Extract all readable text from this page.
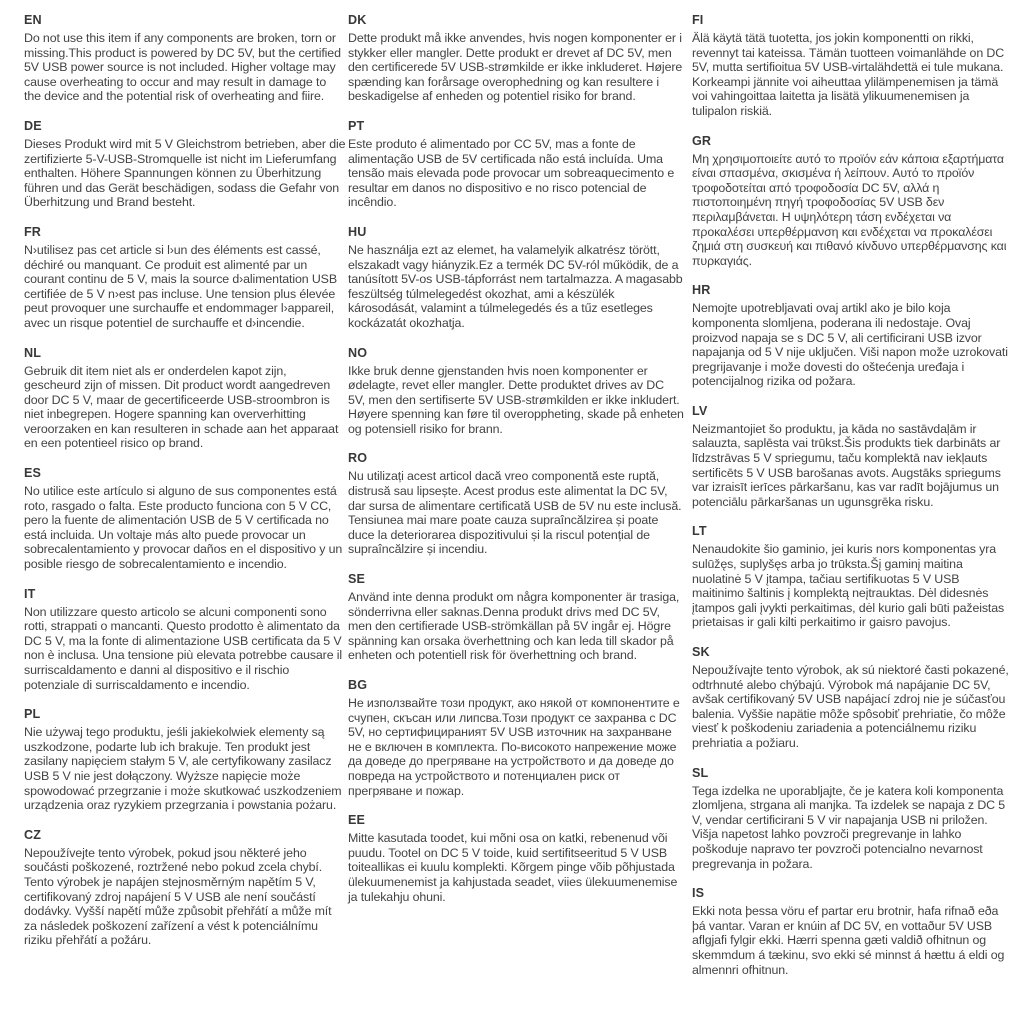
EN

Do not use this item if any components are broken, torn or missing.This product is powered by DC 5V, but the certified 5V USB power source is not included. Higher voltage may cause overheating to occur and may result in damage to the device and the potential risk of overheating and fiire.

DE

Dieses Produkt wird mit 5 V Gleichstrom betrieben, aber die zertifizierte 5-V-USB-Stromquelle ist nicht im Lieferumfang enthalten. Höhere Spannungen können zu Überhitzung führen und das Gerät beschädigen, sodass die Gefahr von Überhitzung und Brand besteht.

FR

N›utilisez pas cet article si l›un des éléments est cassé, déchiré ou manquant. Ce produit est alimenté par un courant continu de 5 V, mais la source d›alimentation USB certifiée de 5 V n›est pas incluse. Une tension plus élevée peut provoquer une surchauffe et endommager l›appareil, avec un risque potentiel de surchauffe et d›incendie.

NL

Gebruik dit item niet als er onderdelen kapot zijn, gescheurd zijn of missen. Dit product wordt aangedreven door DC 5 V, maar de gecertificeerde USB-stroombron is niet inbegrepen. Hogere spanning kan oververhitting veroorzaken en kan resulteren in schade aan het apparaat en een potentieel risico op brand.

ES

No utilice este artículo si alguno de sus componentes está roto, rasgado o falta. Este producto funciona con 5 V CC, pero la fuente de alimentación USB de 5 V certificada no está incluida. Un voltaje más alto puede provocar un sobrecalentamiento y provocar daños en el dispositivo y un posible riesgo de sobrecalentamiento e incendio.

IT

Non utilizzare questo articolo se alcuni componenti sono rotti, strappati o mancanti. Questo prodotto è alimentato da DC 5 V, ma la fonte di alimentazione USB certificata da 5 V non è inclusa. Una tensione più elevata potrebbe causare il surriscaldamento e danni al dispositivo e il rischio potenziale di surriscaldamento e incendio.

PL

Nie używaj tego produktu, jeśli jakiekolwiek elementy są uszkodzone, podarte lub ich brakuje. Ten produkt jest zasilany napięciem stałym 5 V, ale certyfikowany zasilacz USB 5 V nie jest dołączony. Wyższe napięcie może spowodować przegrzanie i może skutkować uszkodzeniem urządzenia oraz ryzykiem przegrzania i powstania pożaru.

CZ

Nepoužívejte tento výrobek, pokud jsou některé jeho součásti poškozené, roztržené nebo pokud zcela chybí. Tento výrobek je napájen stejnosměrným napětím 5 V, certifikovaný zdroj napájení 5 V USB ale není součástí dodávky. Vyšší napětí může způsobit přehřátí a může mít za následek poškození zařízení a vést k potenciálnímu riziku přehřátí a požáru.

DK

Dette produkt må ikke anvendes, hvis nogen komponenter er i stykker eller mangler. Dette produkt er drevet af DC 5V, men den certificerede 5V USB-strømkilde er ikke inkluderet. Højere spænding kan forårsage overophedning og kan resultere i beskadigelse af enheden og potentiel risiko for brand.

PT

Este produto é alimentado por CC 5V, mas a fonte de alimentação USB de 5V certificada não está incluída. Uma tensão mais elevada pode provocar um sobreaquecimento e resultar em danos no dispositivo e no risco potencial de incêndio.

HU

Ne használja ezt az elemet, ha valamelyik alkatrész törött, elszakadt vagy hiányzik.Ez a termék DC 5V-ról működik, de a tanúsított 5V-os USB-tápforrást nem tartalmazza. A magasabb feszültség túlmelegedést okozhat, ami a készülék károsodását, valamint a túlmelegedés és a tűz esetleges kockázatát okozhatja.

NO

Ikke bruk denne gjenstanden hvis noen komponenter er ødelagte, revet eller mangler. Dette produktet drives av DC 5V, men den sertifiserte 5V USB-strømkilden er ikke inkludert. Høyere spenning kan føre til overoppheting, skade på enheten og potensiell risiko for brann.

RO

Nu utilizați acest articol dacă vreo componentă este ruptă, distrusă sau lipsește. Acest produs este alimentat la DC 5V, dar sursa de alimentare certificată USB de 5V nu este inclusă. Tensiunea mai mare poate cauza supraîncălzirea și poate duce la deteriorarea dispozitivului și la riscul potențial de supraîncălzire și incendiu.

SE

Använd inte denna produkt om några komponenter är trasiga, sönderrivna eller saknas.Denna produkt drivs med DC 5V, men den certifierade USB-strömkällan på 5V ingår ej. Högre spänning kan orsaka överhettning och kan leda till skador på enheten och potentiell risk för överhettning och brand.

BG

Не използвайте този продукт, ако някой от компонентите е счупен, скъсан или липсва.Този продукт се захранва с DC 5V, но сертифицираният 5V USB източник на захранване не е включен в комплекта. По-високото напрежение може да доведе до прегряване на устройството и да доведе до повреда на устройството и потенциален риск от прегряване и пожар.

EE

Mitte kasutada toodet, kui mõni osa on katki, rebenenud või puudu. Tootel on DC 5 V toide, kuid sertifitseeritud 5 V USB toiteallikas ei kuulu komplekti. Kõrgem pinge võib põhjustada ülekuumenemist ja kahjustada seadet, viies ülekuumenemise ja tulekahju ohuni.

FI

Älä käytä tätä tuotetta, jos jokin komponentti on rikki, revennyt tai kateissa. Tämän tuotteen voimanlähde on DC 5V, mutta sertifioitua 5V USB-virtalähdettä ei tule mukana. Korkeampi jännite voi aiheuttaa ylilämpenemisen ja tämä voi vahingoittaa laitetta ja lisätä ylikuumenemisen ja tulipalon riskiä.

GR

Μη χρησιμοποιείτε αυτό το προϊόν εάν κάποια εξαρτήματα είναι σπασμένα, σκισμένα ή λείπουν. Αυτό το προϊόν τροφοδοτείται από τροφοδοσία DC 5V, αλλά η πιστοποιημένη πηγή τροφοδοσίας 5V USB δεν περιλαμβάνεται. Η υψηλότερη τάση ενδέχεται να προκαλέσει υπερθέρμανση και ενδέχεται να προκαλέσει ζημιά στη συσκευή και πιθανό κίνδυνο υπερθέρμανσης και πυρκαγιάς.

HR

Nemojte upotrebljavati ovaj artikl ako je bilo koja komponenta slomljena, poderana ili nedostaje. Ovaj proizvod napaja se s DC 5 V, ali certificirani USB izvor napajanja od 5 V nije uključen. Viši napon može uzrokovati pregrijavanje i može dovesti do oštećenja uređaja i potencijalnog rizika od požara.

LV

Neizmantojiet šo produktu, ja kāda no sastāvdaļām ir salauzta, saplēsta vai trūkst.Šis produkts tiek darbināts ar līdzstrāvas 5 V spriegumu, taču komplektā nav iekļauts sertificēts 5 V USB barošanas avots. Augstāks spriegums var izraisīt ierīces pārkaršanu, kas var radīt bojājumus un potenciālu pārkaršanas un ugunsgrēka risku.

LT

Nenaudokite šio gaminio, jei kuris nors komponentas yra sulūžęs, suplyšęs arba jo trūksta.Šį gaminį maitina nuolatinė 5 V įtampa, tačiau sertifikuotas 5 V USB maitinimo šaltinis į komplektą neįtrauktas. Dėl didesnės įtampos gali įvykti perkaitimas, dėl kurio gali būti pažeistas prietaisas ir gali kilti perkaitimo ir gaisro pavojus.

SK

Nepoužívajte tento výrobok, ak sú niektoré časti pokazené, odtrhnuté alebo chýbajú. Výrobok má napájanie DC 5V, avšak certifikovaný 5V USB napájací zdroj nie je súčasťou balenia. Vyššie napätie môže spôsobiť prehriatie, čo môže viesť k poškodeniu zariadenia a potenciálnemu riziku prehriatia a požiaru.

SL

Tega izdelka ne uporabljajte, če je katera koli komponenta zlomljena, strgana ali manjka. Ta izdelek se napaja z DC 5 V, vendar certificirani 5 V vir napajanja USB ni priložen. Višja napetost lahko povzroči pregrevanje in lahko poškoduje napravo ter povzroči potencialno nevarnost pregrevanja in požara.

IS

Ekki nota þessa vöru ef partar eru brotnir, hafa rifnað eða þá vantar. Varan er knúin af DC 5V, en vottaður 5V USB aflgjafi fylgir ekki. Hærri spenna gæti valdið ofhitnun og skemmdum á tækinu, svo ekki sé minnst á hættu á eldi og almennri ofhitnun.
